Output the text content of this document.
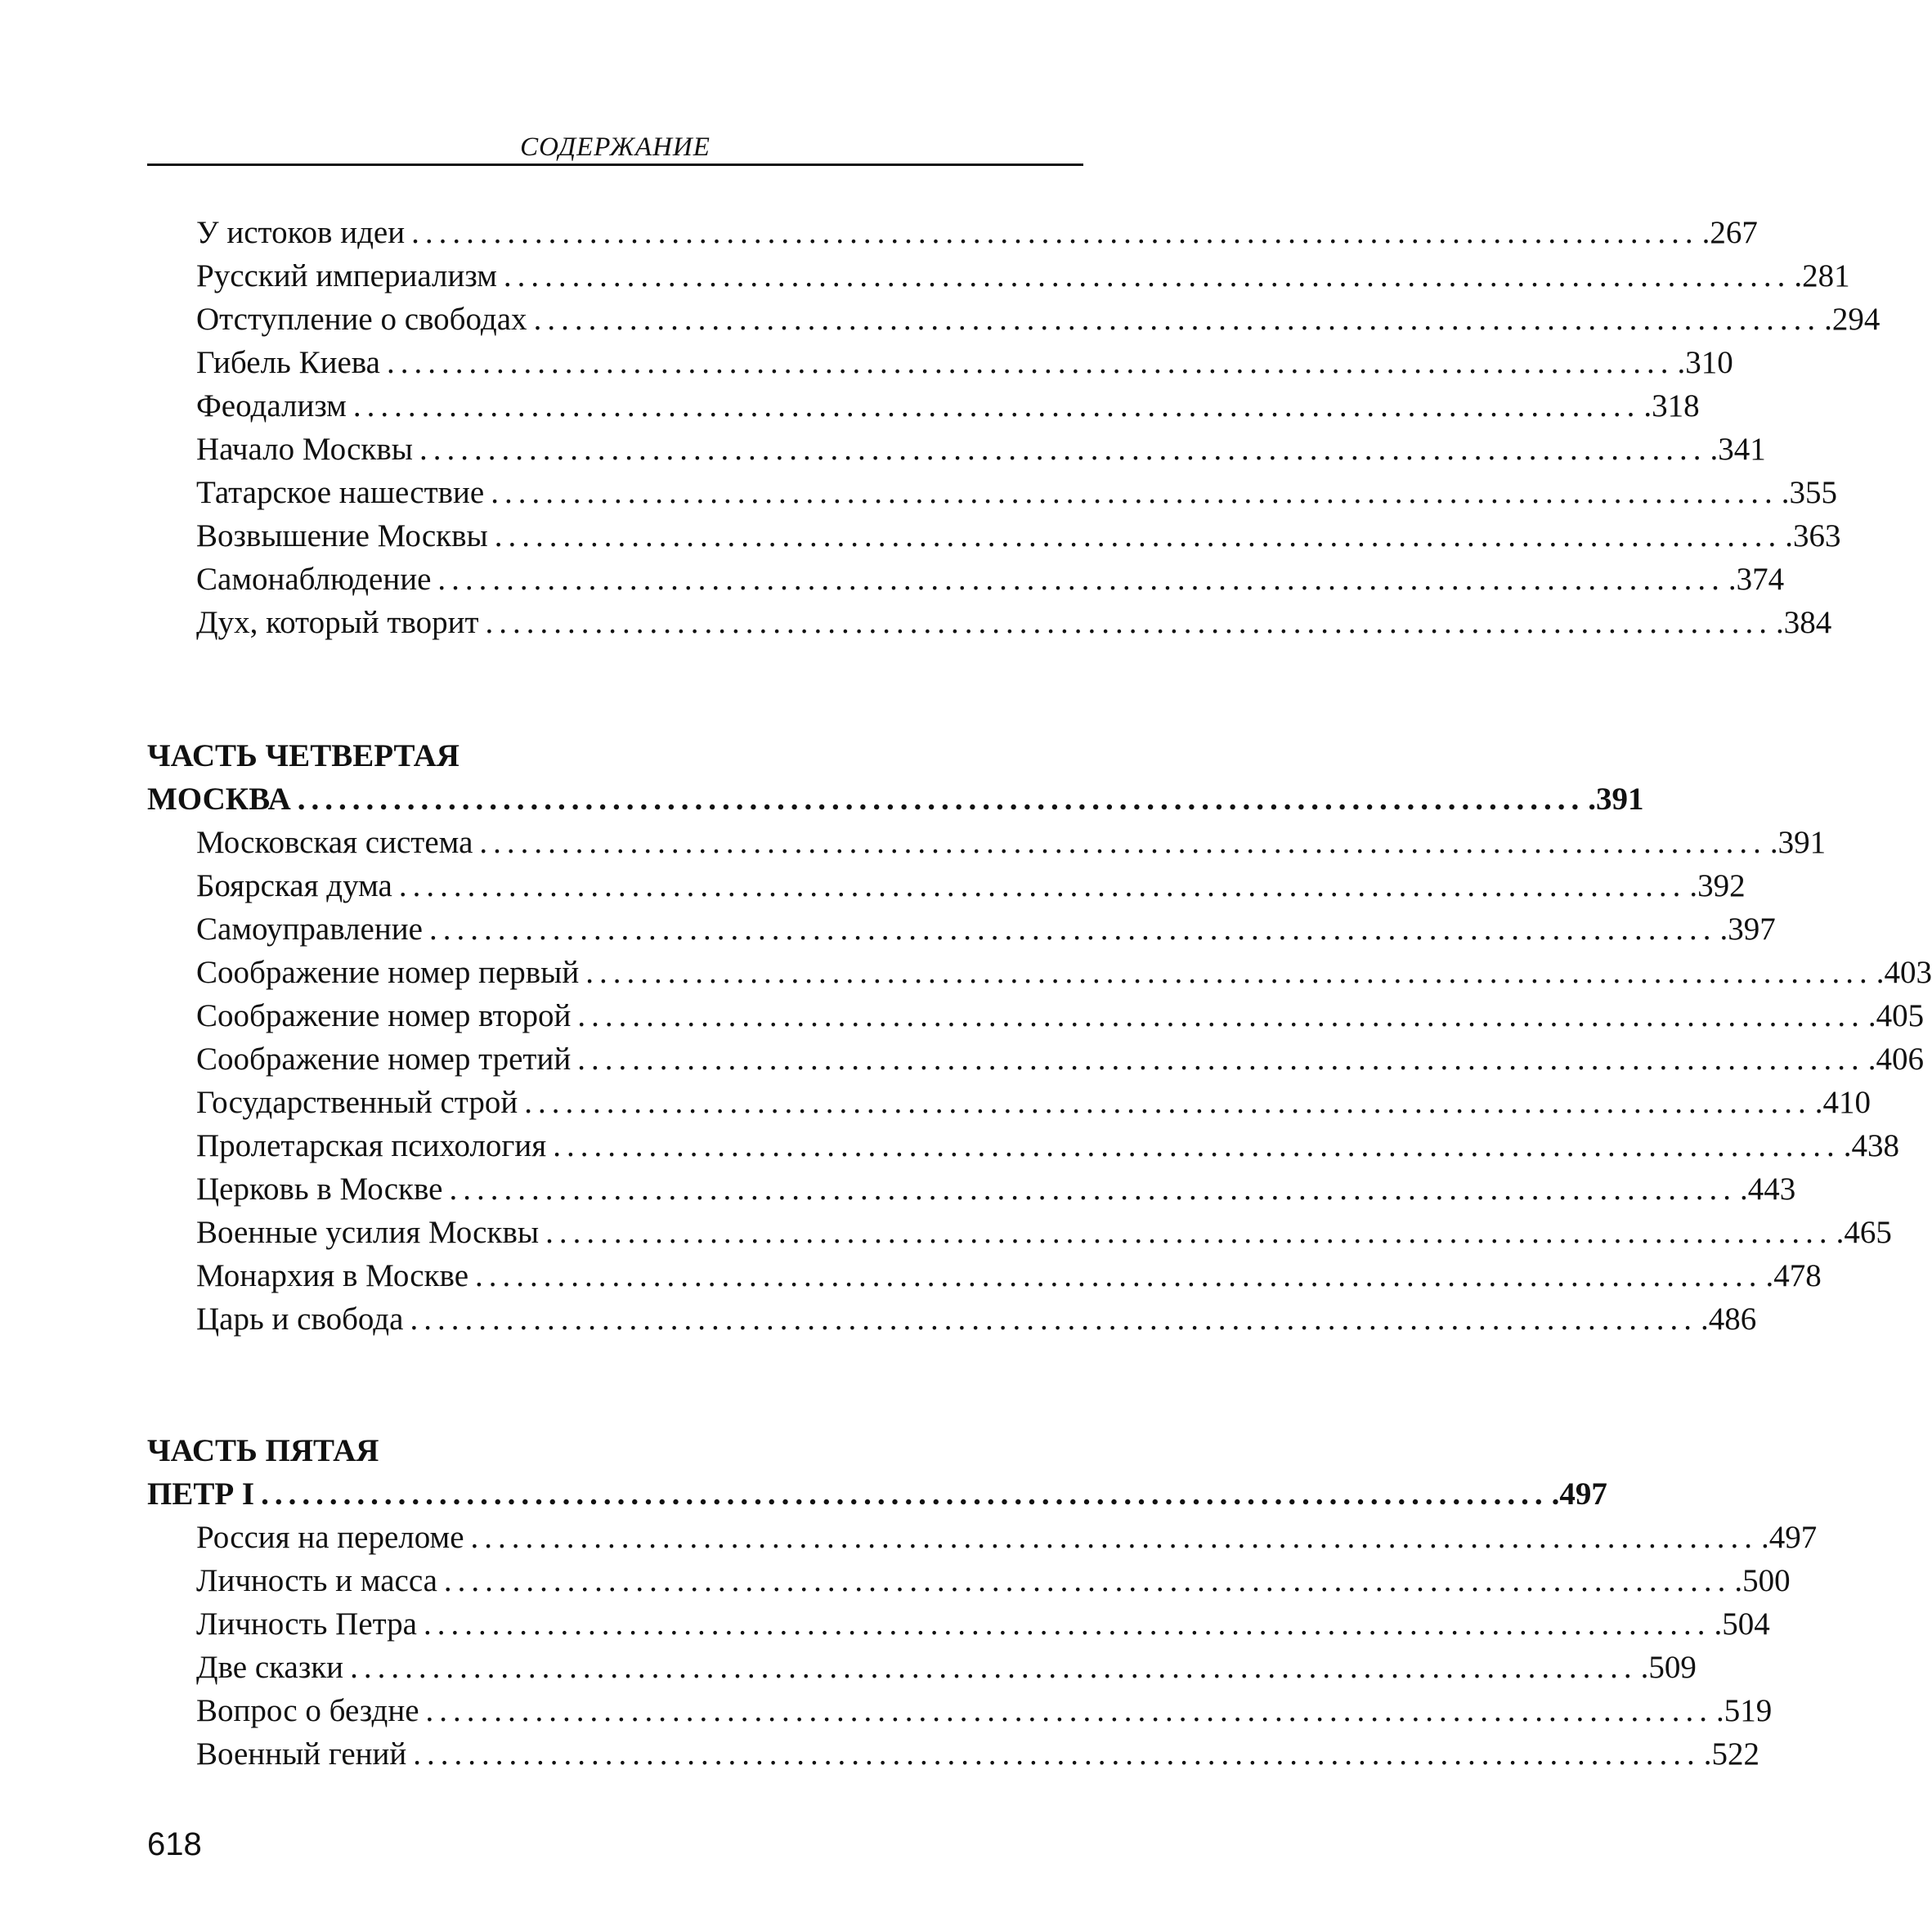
СОДЕРЖАНИЕ
У истоков идеи .............................................................................................. .267
Русский империализм .............................................................................................. .281
Отступление о свободах .............................................................................................. .294
Гибель Киева .............................................................................................. .310
Феодализм .............................................................................................. .318
Начало Москвы .............................................................................................. .341
Татарское нашествие .............................................................................................. .355
Возвышение Москвы .............................................................................................. .363
Самонаблюдение .............................................................................................. .374
Дух, который творит .............................................................................................. .384
ЧАСТЬ ЧЕТВЕРТАЯ
МОСКВА .............................................................................................. .391
Московская система .............................................................................................. .391
Боярская дума .............................................................................................. .392
Самоуправление .............................................................................................. .397
Соображение номер первый .............................................................................................. .403
Соображение номер второй .............................................................................................. .405
Соображение номер третий .............................................................................................. .406
Государственный строй .............................................................................................. .410
Пролетарская психология .............................................................................................. .438
Церковь в Москве .............................................................................................. .443
Военные усилия Москвы .............................................................................................. .465
Монархия в Москве .............................................................................................. .478
Царь и свобода .............................................................................................. .486
ЧАСТЬ ПЯТАЯ
ПЕТР I .............................................................................................. .497
Россия на переломе .............................................................................................. .497
Личность и масса .............................................................................................. .500
Личность Петра .............................................................................................. .504
Две сказки .............................................................................................. .509
Вопрос о бездне .............................................................................................. .519
Военный гений .............................................................................................. .522
618
